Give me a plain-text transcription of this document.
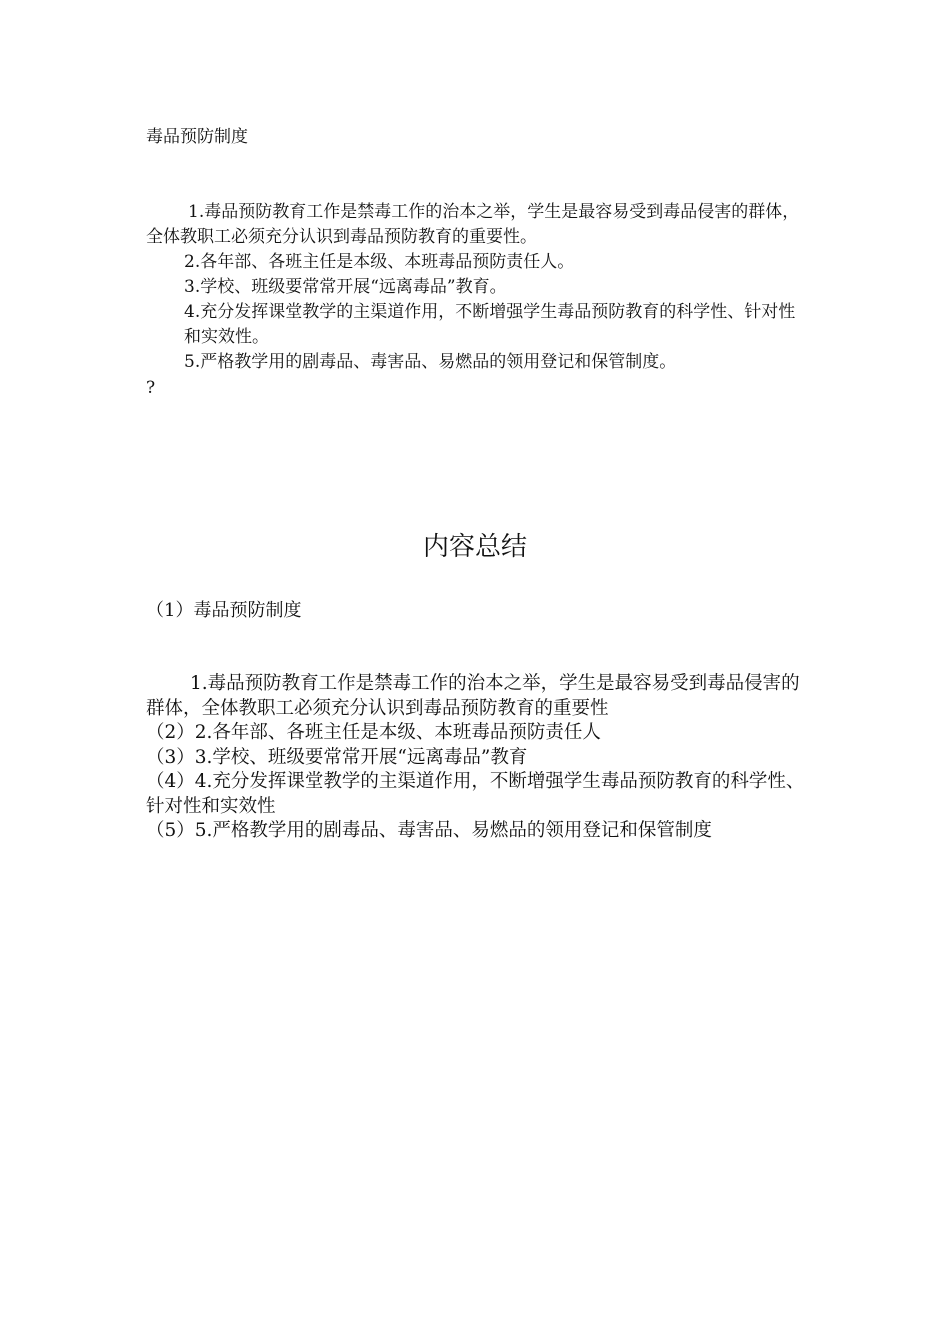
毒品预防制度

1.毒品预防教育工作是禁毒工作的治本之举，学生是最容易受到毒品侵害的群体，全体教职工必须充分认识到毒品预防教育的重要性。

2.各年部、各班主任是本级、本班毒品预防责任人。

3.学校、班级要常常开展“远离毒品”教育。

4.充分发挥课堂教学的主渠道作用，不断增强学生毒品预防教育的科学性、针对性和实效性。

5.严格教学用的剧毒品、毒害品、易燃品的领用登记和保管制度。

?
内容总结
（1）毒品预防制度

1.毒品预防教育工作是禁毒工作的治本之举，学生是最容易受到毒品侵害的群体，全体教职工必须充分认识到毒品预防教育的重要性

（2）2.各年部、各班主任是本级、本班毒品预防责任人

（3）3.学校、班级要常常开展“远离毒品”教育

（4）4.充分发挥课堂教学的主渠道作用，不断增强学生毒品预防教育的科学性、针对性和实效性

（5）5.严格教学用的剧毒品、毒害品、易燃品的领用登记和保管制度
